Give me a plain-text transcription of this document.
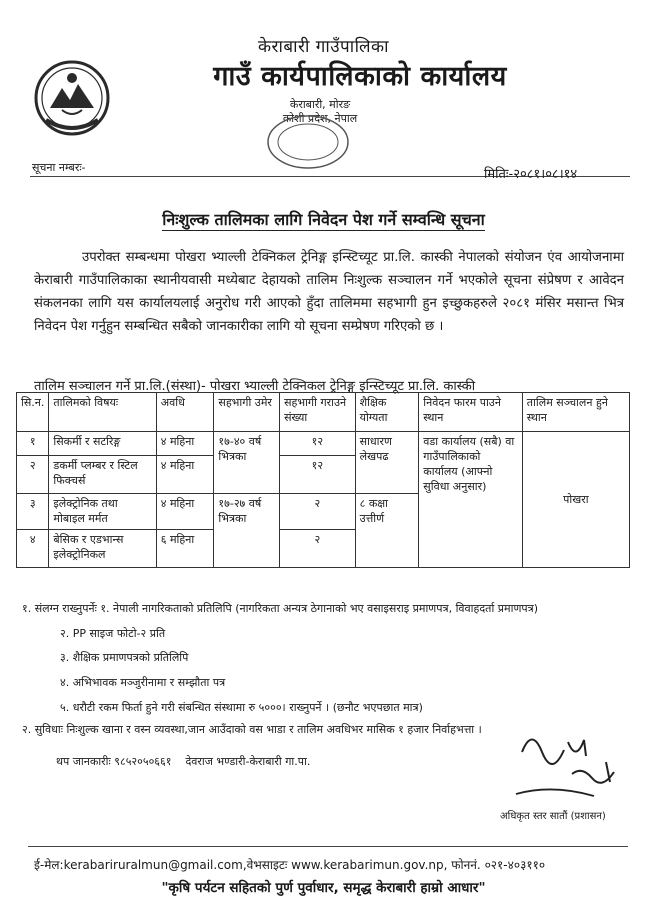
केराबारी गाउँपालिका
गाउँ कार्यपालिकाको कार्यालय
केराबारी, मोरङ
कोशी प्रदेश, नेपाल
सूचना नम्बरः-	मितिः-२०८१।०८।१४
निःशुल्क तालिमका लागि निवेदन पेश गर्ने सम्वन्धि सूचना
उपरोक्त सम्बन्धमा पोखरा भ्याल्ली टेक्निकल ट्रेनिङ्ग इन्स्टिच्यूट प्रा.लि. कास्की नेपालको संयोजन एंव आयोजनामा केराबारी गाउँपालिकाका स्थानीयवासी मध्येबाट देहायको तालिम निःशुल्क सञ्चालन गर्ने भएकोले सूचना संप्रेषण र आवेदन संकलनका लागि यस कार्यालयलाई अनुरोध गरी आएको हुँदा तालिममा सहभागी हुन इच्छुकहरुले २०८१ मंसिर मसान्त भित्र निवेदन पेश गर्नुहुन सम्बन्धित सबैको जानकारीका लागि यो सूचना सम्प्रेषण गरिएको छ ।
तालिम सञ्चालन गर्ने प्रा.लि.(संस्था)- पोखरा भ्याल्ली टेक्निकल ट्रेनिङ्ग इन्स्टिच्यूट प्रा.लि. कास्की
सि.न.	तालिमको विषयः	अवधि	सहभागी उमेर	सहभागी गराउने संख्या	शैक्षिक योग्यता	निवेदन फारम पाउने स्थान	तालिम सञ्चालन हुने स्थान
१	सिकर्मी र सटरिङ्ग	४ महिना	१७-४० वर्ष भित्रका	१२	साधारण लेखपढ	वडा कार्यालय (सबै) वा गाउँपालिकाको कार्यालय (आफ्नो सुविधा अनुसार)	पोखरा
२	डकर्मी प्लम्बर र स्टिल फिक्चर्स	४ महिना		१२			
३	इलेक्ट्रोनिक तथा मोबाइल मर्मत	४ महिना	१७-२७ वर्ष भित्रका	२	८ कक्षा उत्तीर्ण		
४	बेसिक र एडभान्स इलेक्ट्रोनिकल	६ महिना		२			
१. संलग्न राख्नुपर्नेः १. नेपाली नागरिकताको प्रतिलिपि (नागरिकता अन्यत्र ठेगानाको भए वसाइसराइ प्रमाणपत्र, विवाहदर्ता प्रमाणपत्र)
२. PP साइज फोटो-२ प्रति
३. शैक्षिक प्रमाणपत्रको प्रतिलिपि
४. अभिभावक मञ्जुरीनामा र सम्झौता पत्र
५. धरौटी रकम फिर्ता हुने गरी संबन्धित संस्थामा रु ५०००। राख्नुपर्ने । (छनौट भएपछात मात्र)
२. सुविधाः निःशुल्क खाना र वस्न व्यवस्था,जान आउँदाको वस भाडा र तालिम अवधिभर मासिक १ हजार निर्वाहभत्ता ।
थप जानकारीः ९८५२०५०६६१ देवराज भण्डारी-केराबारी गा.पा.
अधिकृत स्तर सातौं (प्रशासन)
ई-मेल:kerabariruralmun@gmail.com,वेभसाइटः www.kerabarimun.gov.np, फोननं. ०२१-४०३११०
"कृषि पर्यटन सहितको पुर्ण पुर्वाधार, समृद्ध केराबारी हाम्रो आधार"
